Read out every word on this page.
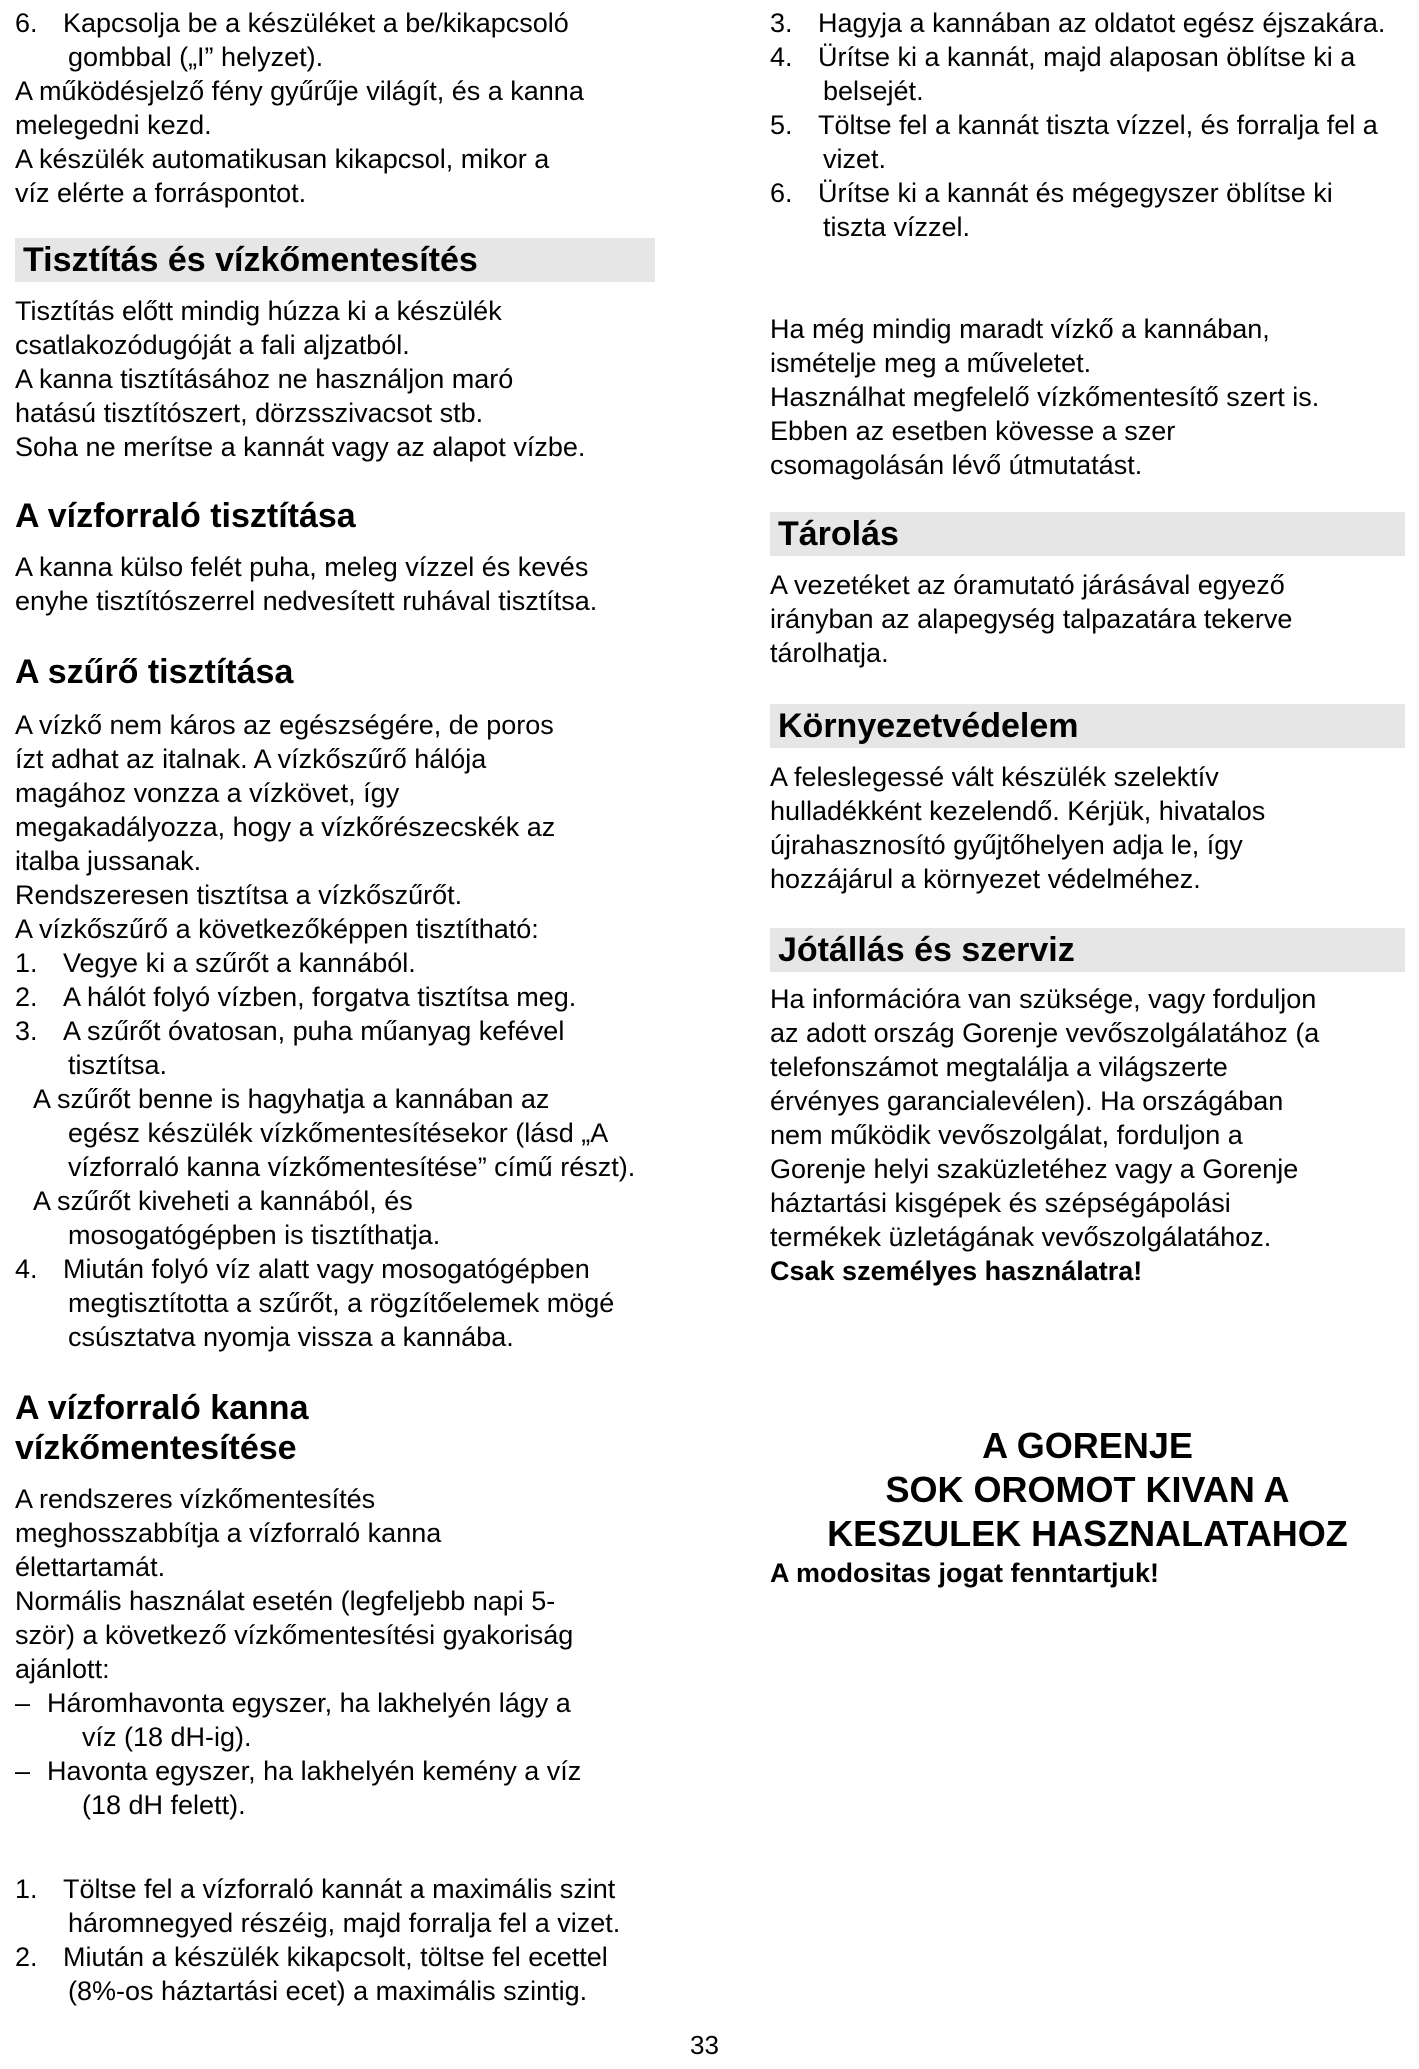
6. Kapcsolja be a készüléket a be/kikapcsoló
gombbal („I” helyzet).

A működésjelző fény gyűrűje világít, és a kanna

melegedni kezd.

A készülék automatikusan kikapcsol, mikor a

víz elérte a forráspontot.

Tisztítás és vízkőmentesítés

Tisztítás előtt mindig húzza ki a készülék

csatlakozódugóját a fali aljzatból.

A kanna tisztításához ne használjon maró

hatású tisztítószert, dörzsszivacsot stb.

Soha ne merítse a kannát vagy az alapot vízbe.

A vízforraló tisztítása

A kanna külso felét puha, meleg vízzel és kevés

enyhe tisztítószerrel nedvesített ruhával tisztítsa.

A szűrő tisztítása

A vízkő nem káros az egészségére, de poros

ízt adhat az italnak. A vízkőszűrő hálója

magához vonzza a vízkövet, így

megakadályozza, hogy a vízkőrészecskék az

italba jussanak.

Rendszeresen tisztítsa a vízkőszűrőt.

A vízkőszűrő a következőképpen tisztítható:

1. Vegye ki a szűrőt a kannából.
2. A hálót folyó vízben, forgatva tisztítsa meg.
3. A szűrőt óvatosan, puha műanyag kefével
tisztítsa.
A szűrőt benne is hagyhatja a kannában az
egész készülék vízkőmentesítésekor (lásd „A
vízforraló kanna vízkőmentesítése” című részt).
A szűrőt kiveheti a kannából, és
mosogatógépben is tisztíthatja.
4. Miután folyó víz alatt vagy mosogatógépben
megtisztította a szűrőt, a rögzítőelemek mögé
csúsztatva nyomja vissza a kannába.
A vízforraló kanna
vízkőmentesítése

A rendszeres vízkőmentesítés

meghosszabbítja a vízforraló kanna

élettartamát.

Normális használat esetén (legfeljebb napi 5-

ször) a következő vízkőmentesítési gyakoriság

ajánlott:

– Háromhavonta egyszer, ha lakhelyén lágy a
víz (18 dH-ig).
– Havonta egyszer, ha lakhelyén kemény a víz
(18 dH felett).
1. Töltse fel a vízforraló kannát a maximális szint
háromnegyed részéig, majd forralja fel a vizet.
2. Miután a készülék kikapcsolt, töltse fel ecettel
(8%-os háztartási ecet) a maximális szintig.
3. Hagyja a kannában az oldatot egész éjszakára.
4. Ürítse ki a kannát, majd alaposan öblítse ki a
belsejét.
5. Töltse fel a kannát tiszta vízzel, és forralja fel a
vizet.
6. Ürítse ki a kannát és mégegyszer öblítse ki
tiszta vízzel.

Ha még mindig maradt vízkő a kannában,

ismételje meg a műveletet.

Használhat megfelelő vízkőmentesítő szert is.

Ebben az esetben kövesse a szer

csomagolásán lévő útmutatást.

Tárolás

A vezetéket az óramutató járásával egyező

irányban az alapegység talpazatára tekerve

tárolhatja.

Környezetvédelem

A feleslegessé vált készülék szelektív

hulladékként kezelendő. Kérjük, hivatalos

újrahasznosító gyűjtőhelyen adja le, így

hozzájárul a környezet védelméhez.

Jótállás és szerviz

Ha információra van szüksége, vagy forduljon

az adott ország Gorenje vevőszolgálatához (a

telefonszámot megtalálja a világszerte

érvényes garancialevélen). Ha országában

nem működik vevőszolgálat, forduljon a

Gorenje helyi szaküzletéhez vagy a Gorenje

háztartási kisgépek és szépségápolási

termékek üzletágának vevőszolgálatához.

Csak személyes használatra!

A GORENJE
SOK OROMOT KIVAN A
KESZULEK HASZNALATAHOZ
A modositas jogat fenntartjuk!
33
